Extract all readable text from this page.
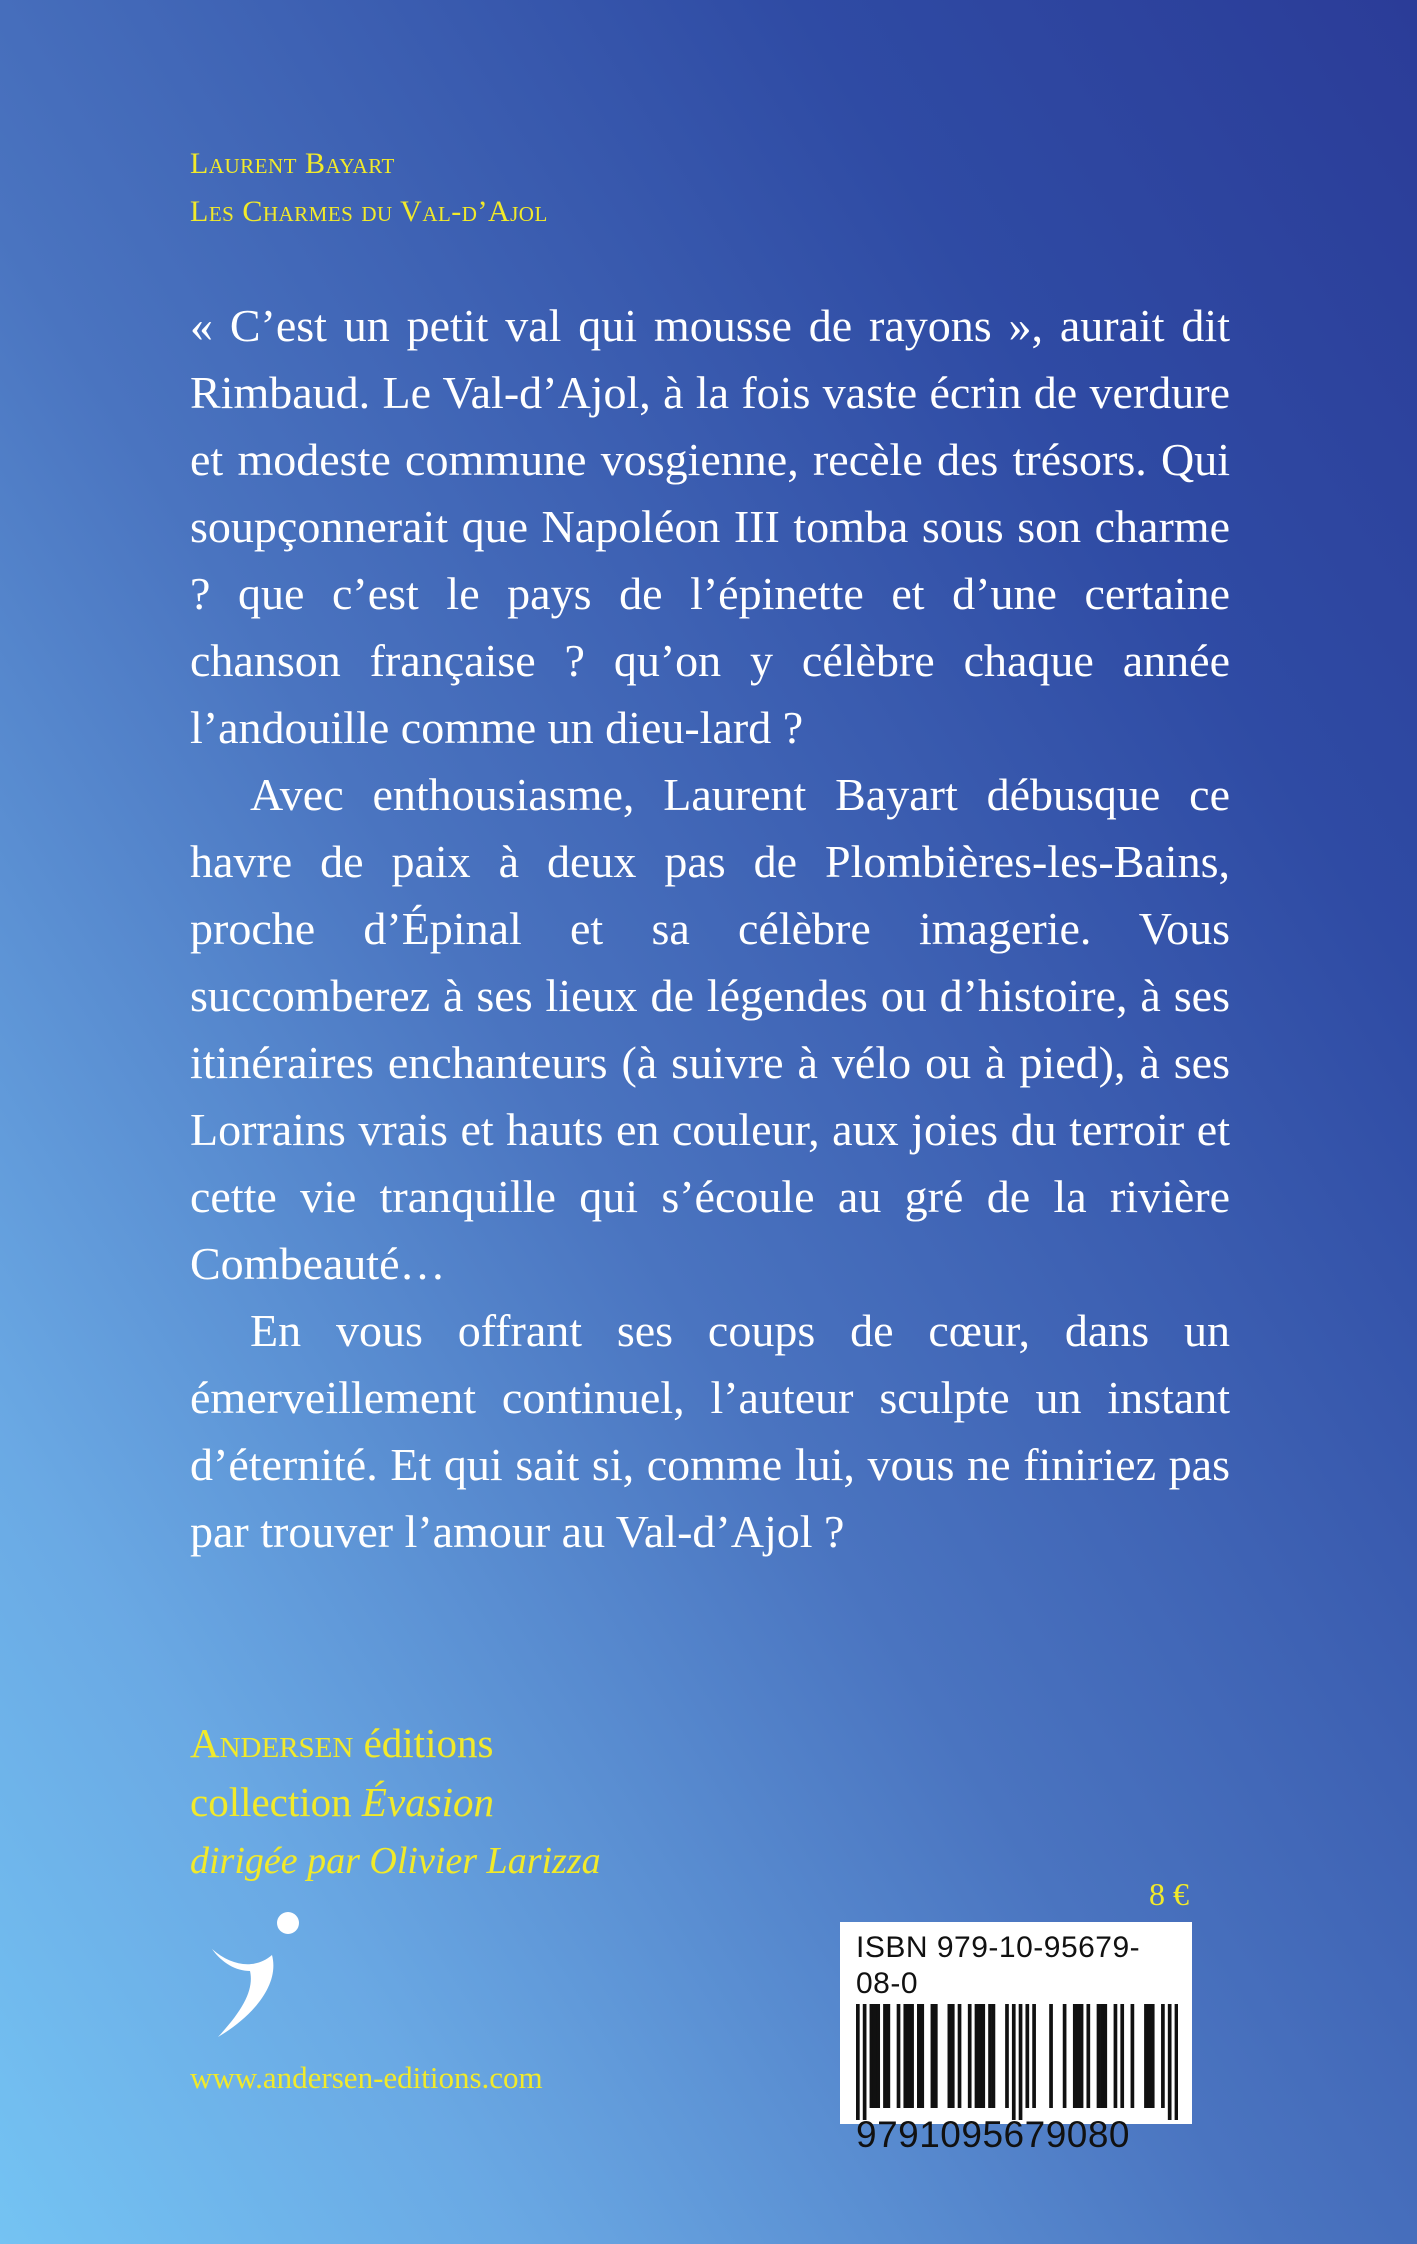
Laurent Bayart
Les Charmes du Val-d’Ajol

« C’est un petit val qui mousse de rayons », aurait dit Rimbaud. Le Val-d’Ajol, à la fois vaste écrin de verdure et modeste commune vosgienne, recèle des trésors. Qui soupçonnerait que Napoléon III tomba sous son charme ? que c’est le pays de l’épinette et d’une certaine chanson française ? qu’on y célèbre chaque année l’andouille comme un dieu-lard ?

Avec enthousiasme, Laurent Bayart débusque ce havre de paix à deux pas de Plombières-les-Bains, proche d’Épinal et sa célèbre imagerie. Vous succomberez à ses lieux de légendes ou d’histoire, à ses itinéraires enchanteurs (à suivre à vélo ou à pied), à ses Lorrains vrais et hauts en couleur, aux joies du terroir et cette vie tranquille qui s’écoule au gré de la rivière Combeauté…

En vous offrant ses coups de cœur, dans un émerveillement continuel, l’auteur sculpte un instant d’éternité. Et qui sait si, comme lui, vous ne finiriez pas par trouver l’amour au Val-d’Ajol ?

Andersen éditions
collection Évasion
dirigée par Olivier Larizza
www.andersen-editions.com
8 €
ISBN 979-10-95679-08-0
9791095679080
